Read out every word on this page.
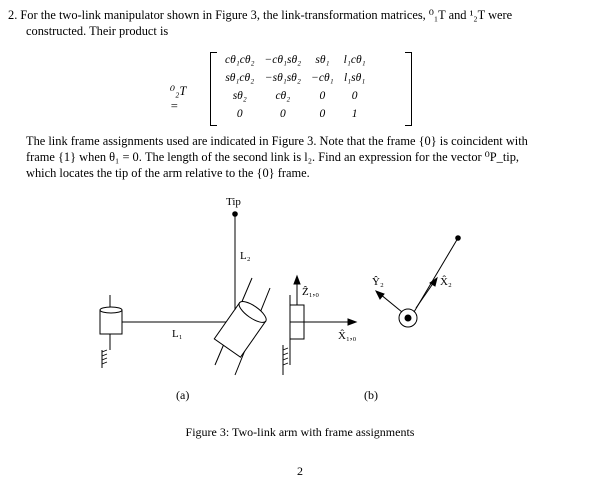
2. For the two-link manipulator shown in Figure 3, the link-transformation matrices, ⁰₁T and ¹₂T were
constructed. Their product is
⁰₂T =
cθ₁cθ₂	−cθ₁sθ₂	sθ₁	l₁cθ₁
sθ₁cθ₂	−sθ₁sθ₂	−cθ₁	l₁sθ₁
sθ₂	cθ₂	0	0
0	0	0	1
The link frame assignments used are indicated in Figure 3. Note that the frame {0} is coincident with
frame {1} when θ₁ = 0. The length of the second link is l₂. Find an expression for the vector ⁰P_tip,
which locates the tip of the arm relative to the {0} frame.
Tip
L₂
L₁
Ẑ₁,₀
X̂₁,₀
Ŷ₂	X̂₂
(a)	(b)
Figure 3: Two-link arm with frame assignments
2
